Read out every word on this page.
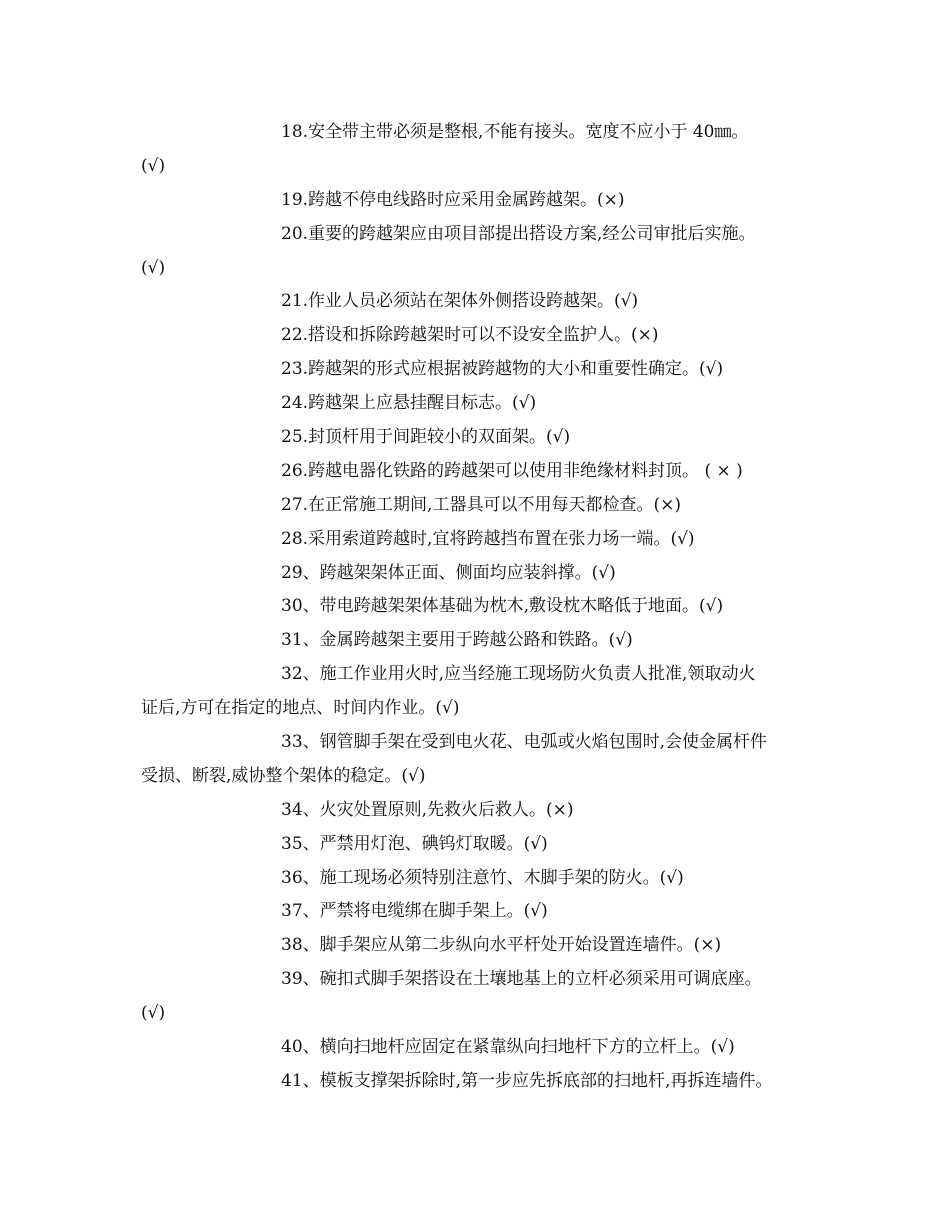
18.安全带主带必须是整根,不能有接头。宽度不应小于 40㎜。
(√)
19.跨越不停电线路时应采用金属跨越架。(×)
20.重要的跨越架应由项目部提出搭设方案,经公司审批后实施。
(√)
21.作业人员必须站在架体外侧搭设跨越架。(√)
22.搭设和拆除跨越架时可以不设安全监护人。(×)
23.跨越架的形式应根据被跨越物的大小和重要性确定。(√)
24.跨越架上应悬挂醒目标志。(√)
25.封顶杆用于间距较小的双面架。(√)
26.跨越电器化铁路的跨越架可以使用非绝缘材料封顶。 ( × )
27.在正常施工期间,工器具可以不用每天都检查。(×)
28.采用索道跨越时,宜将跨越挡布置在张力场一端。(√)
29、跨越架架体正面、侧面均应装斜撑。(√)
30、带电跨越架架体基础为枕木,敷设枕木略低于地面。(√)
31、金属跨越架主要用于跨越公路和铁路。(√)
32、施工作业用火时,应当经施工现场防火负责人批准,领取动火
证后,方可在指定的地点、时间内作业。(√)
33、钢管脚手架在受到电火花、电弧或火焰包围时,会使金属杆件
受损、断裂,威协整个架体的稳定。(√)
34、火灾处置原则,先救火后救人。(×)
35、严禁用灯泡、碘钨灯取暖。(√)
36、施工现场必须特别注意竹、木脚手架的防火。(√)
37、严禁将电缆绑在脚手架上。(√)
38、脚手架应从第二步纵向水平杆处开始设置连墙件。(×)
39、碗扣式脚手架搭设在土壤地基上的立杆必须采用可调底座。
(√)
40、横向扫地杆应固定在紧靠纵向扫地杆下方的立杆上。(√)
41、模板支撑架拆除时,第一步应先拆底部的扫地杆,再拆连墙件。
